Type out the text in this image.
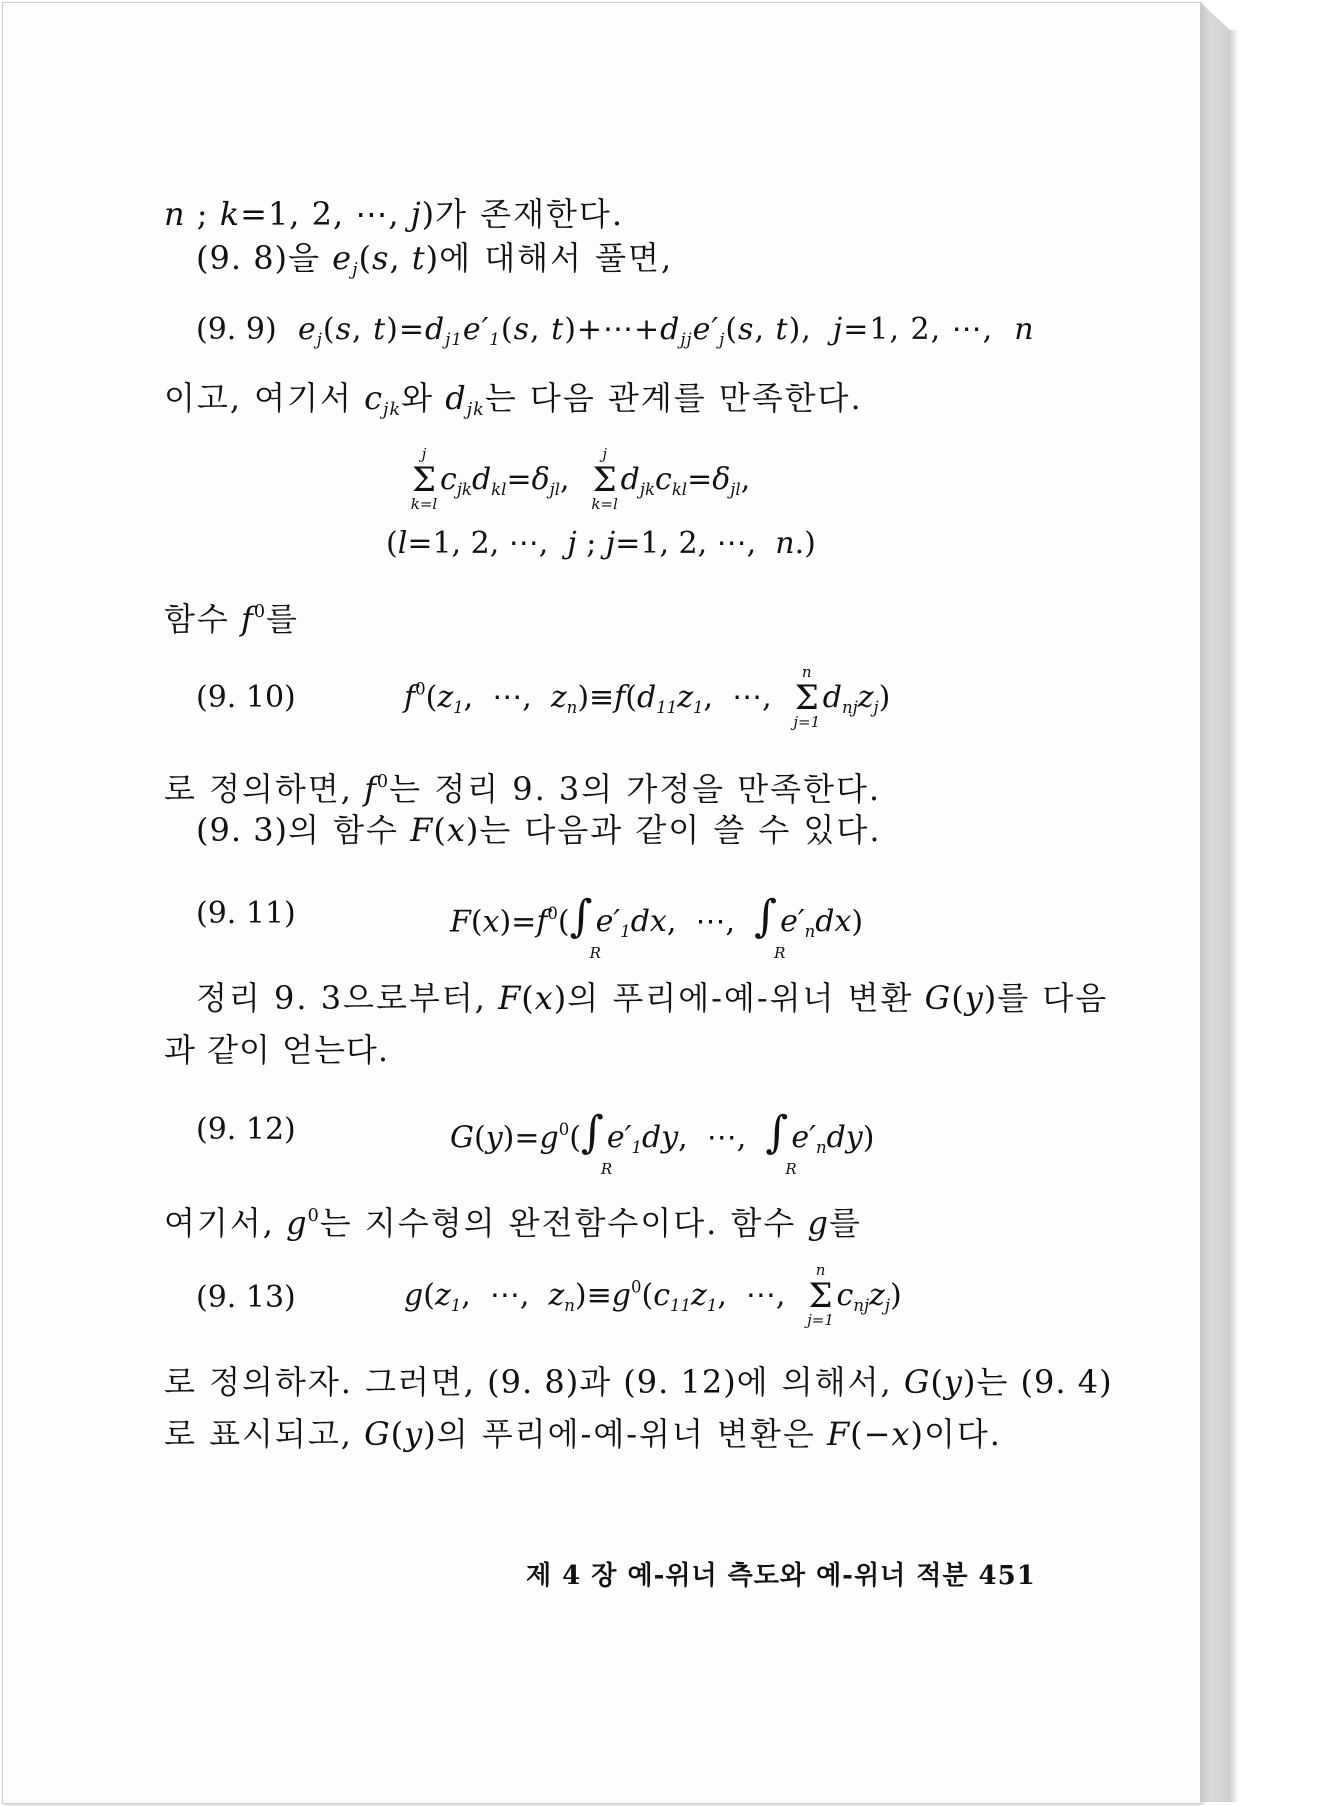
n ; k=1, 2, ⋯, j)가 존재한다.
(9. 8)을 $e_j(s$, t)에 대해서 풀면,
(9. 9) $e_j(s$, $t)=d_{j1}e'_1(s$, $t)+\cdots+d_{jj}e'_j(s$, t),  j=1, 2, ⋯,  n
이고, 여기서 $c_{jk}$와 $d_{jk}$는 다음 관계를 만족한다.
j
Σ
k=l
$c_{jk}d_{kl}=\delta_{jl}$,
j
Σ
k=l
$d_{jk}c_{kl}=\delta_{jl}$,
(l=1, 2, ⋯,  j ; j=1, 2, ⋯,  n.)
함수 $f^0$를
(9. 10)	$f^0(z_1$,  ⋯,  $z_n)\equiv f(d_{11}z_1$,  ⋯,
n
Σ
j=1
$d_{nj}z_j$)
로 정의하면, $f^0$는 정리 9. 3의 가정을 만족한다.
(9. 3)의 함수 F(x)는 다음과 같이 쓸 수 있다.
(9. 11)	$F(x)=f^0$( ∫
R
$e'_1dx$,  ⋯, ∫
R
$e'_ndx$)
정리 9. 3으로부터, F(x)의 푸리에-예-위너 변환 G(y)를 다음
과 같이 얻는다.
(9. 12)	$G(y)=g^0$( ∫
R
$e'_1dy$,  ⋯, ∫
R
$e'_ndy$)
여기서, $g^0$는 지수형의 완전함수이다. 함수 g를
(9. 13)	$g(z_1$,  ⋯,  $z_n)\equiv g^0(c_{11}z_1$,  ⋯,
n
Σ
j=1
$c_{nj}z_j$)
로 정의하자. 그러면, (9. 8)과 (9. 12)에 의해서, G(y)는 (9. 4)
로 표시되고, G(y)의 푸리에-예-위너 변환은 F(−x)이다.
제 4 장 예-위너 측도와 예-위너 적분 451
